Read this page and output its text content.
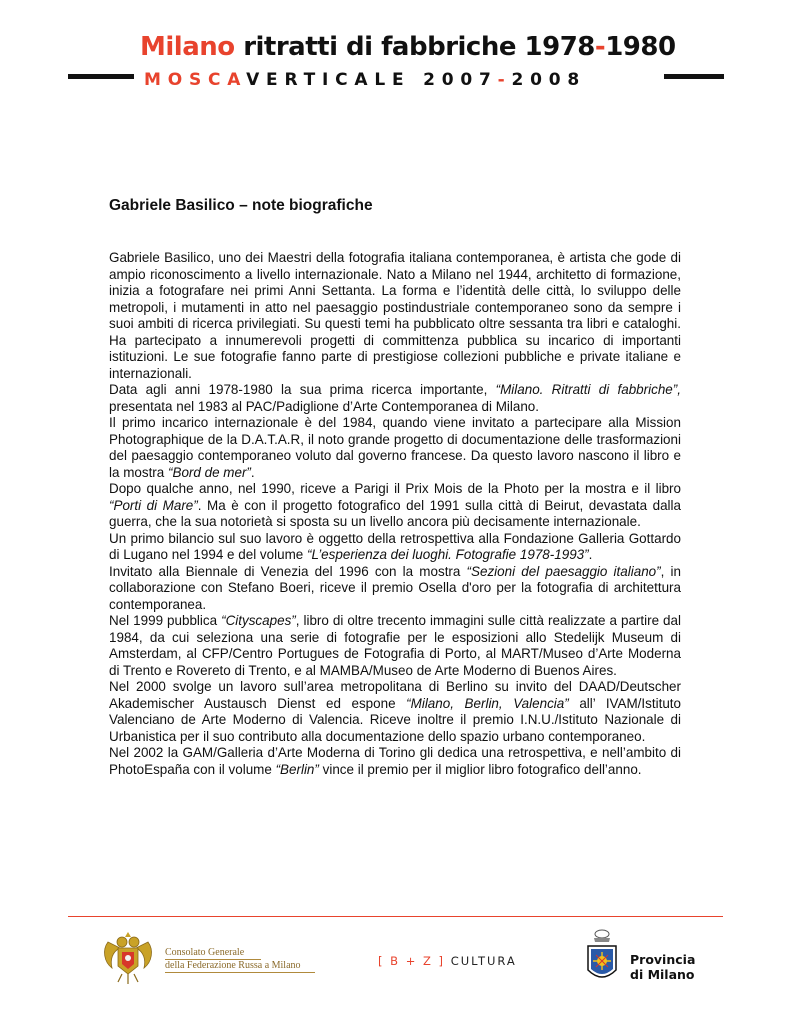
Milano ritratti di fabbriche 1978-1980
MOSCAVERTICALE 2007-2008
Gabriele Basilico – note biografiche

Gabriele Basilico, uno dei Maestri della fotografia italiana contemporanea, è artista che gode di ampio riconoscimento a livello internazionale. Nato a Milano nel 1944, architetto di formazione, inizia a fotografare nei primi Anni Settanta. La forma e l’identità delle città, lo sviluppo delle metropoli, i mutamenti in atto nel paesaggio postindustriale contemporaneo sono da sempre i suoi ambiti di ricerca privilegiati. Su questi temi ha pubblicato oltre sessanta tra libri e cataloghi. Ha partecipato a innumerevoli progetti di committenza pubblica su incarico di importanti istituzioni. Le sue fotografie fanno parte di prestigiose collezioni pubbliche e private italiane e internazionali.

Data agli anni 1978-1980 la sua prima ricerca importante, “Milano. Ritratti di fabbriche”, presentata nel 1983 al PAC/Padiglione d’Arte Contemporanea di Milano.

Il primo incarico internazionale è del 1984, quando viene invitato a partecipare alla Mission Photographique de la D.A.T.A.R, il noto grande progetto di documentazione delle trasformazioni del paesaggio contemporaneo voluto dal governo francese. Da questo lavoro nascono il libro e la mostra “Bord de mer”.

Dopo qualche anno, nel 1990, riceve a Parigi il Prix Mois de la Photo per la mostra e il libro “Porti di Mare”. Ma è con il progetto fotografico del 1991 sulla città di Beirut, devastata dalla guerra, che la sua notorietà si sposta su un livello ancora più decisamente internazionale.

Un primo bilancio sul suo lavoro è oggetto della retrospettiva alla Fondazione Galleria Gottardo di Lugano nel 1994 e del volume “L’esperienza dei luoghi. Fotografie 1978-1993”.

Invitato alla Biennale di Venezia del 1996 con la mostra “Sezioni del paesaggio italiano”, in collaborazione con Stefano Boeri, riceve il premio Osella d'oro per la fotografia di architettura contemporanea.

Nel 1999 pubblica “Cityscapes”, libro di oltre trecento immagini sulle città realizzate a partire dal 1984, da cui seleziona una serie di fotografie per le esposizioni allo Stedelijk Museum di Amsterdam, al CFP/Centro Portugues de Fotografia di Porto, al MART/Museo d’Arte Moderna di Trento e Rovereto di Trento, e al MAMBA/Museo de Arte Moderno di Buenos Aires.

Nel 2000 svolge un lavoro sull’area metropolitana di Berlino su invito del DAAD/Deutscher Akademischer Austausch Dienst ed espone “Milano, Berlin, Valencia” all’ IVAM/Istituto Valenciano de Arte Moderno di Valencia. Riceve inoltre il premio I.N.U./Istituto Nazionale di Urbanistica per il suo contributo alla documentazione dello spazio urbano contemporaneo.

Nel 2002 la GAM/Galleria d’Arte Moderna di Torino gli dedica una retrospettiva, e nell’ambito di PhotoEspaña con il volume “Berlin” vince il premio per il miglior libro fotografico dell’anno.

Consolato Generale
della Federazione Russa a Milano	[ B + Z ] CULTURA	Provincia
di Milano
